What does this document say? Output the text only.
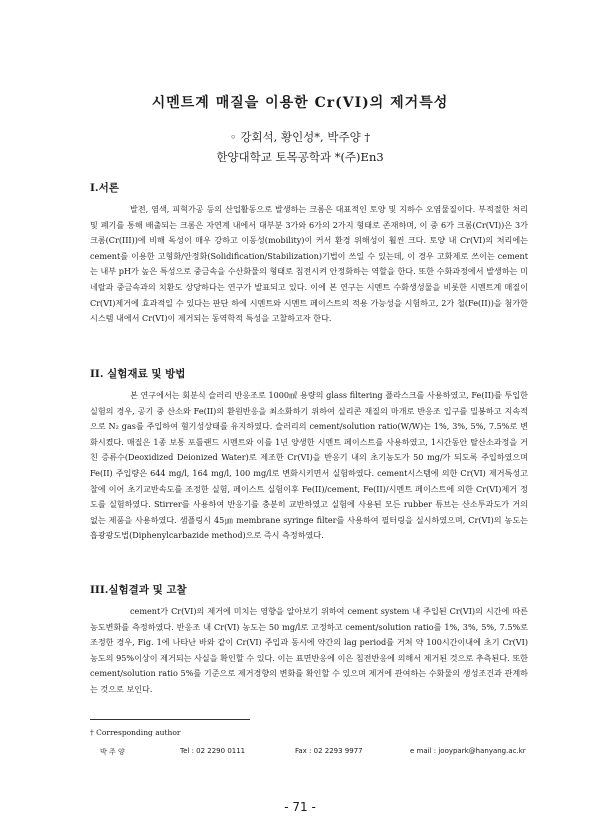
시멘트계 매질을 이용한 Cr(VI)의 제거특성
◦ 강회석, 황인성*, 박주양 †
한양대학교 토목공학과 *(주)En3
I.서론

발전, 염색, 피혁가공 등의 산업활동으로 발생하는 크롬은 대표적인 토양 및 지하수 오염물질이다. 부적절한 처리 및 폐기를 통해 배출되는 크롬은 자연계 내에서 대부분 3가와 6가의 2가지 형태로 존재하며, 이 중 6가 크롬(Cr(VI))은 3가 크롬(Cr(III))에 비해 독성이 매우 강하고 이동성(mobility)이 커서 환경 위해성이 훨씬 크다. 토양 내 Cr(VI)의 처리에는 cement를 이용한 고형화/안정화(Solidification/Stabilization)기법이 쓰일 수 있는데, 이 경우 고화제로 쓰이는 cement는 내부 pH가 높은 특성으로 중금속을 수산화물의 형태로 침전시켜 안정화하는 역할을 한다. 또한 수화과정에서 발생하는 미네랄과 중금속과의 치환도 상당하다는 연구가 발표되고 있다. 이에 본 연구는 시멘트 수화생성물을 비롯한 시멘트계 매질이 Cr(VI)제거에 효과적일 수 있다는 판단 하에 시멘트와 시멘트 페이스트의 적용 가능성을 시험하고, 2가 철(Fe(II))을 첨가한 시스템 내에서 Cr(VI)이 제거되는 동역학적 특성을 고찰하고자 한다.

II. 실험재료 및 방법

본 연구에서는 회분식 슬러리 반응조로 1000㎖ 용량의 glass filtering 플라스크를 사용하였고, Fe(II)를 투입한 실험의 경우, 공기 중 산소와 Fe(II)의 환원반응을 최소화하기 위하여 실리콘 재질의 마개로 반응조 입구를 밀봉하고 지속적으로 N₂ gas를 주입하여 혐기성상태를 유지하였다. 슬러리의 cement/solution ratio(W/W)는 1%, 3%, 5%, 7.5%로 변화시켰다. 매질은 1종 보통 포틀랜드 시멘트와 이를 1년 양생한 시멘트 페이스트를 사용하였고, 1시간동안 탈산소과정을 거친 증류수(Deoxidized Deionized Water)로 제조한 Cr(VI)을 반응기 내의 초기농도가 50 mg/가 되도록 주입하였으며 Fe(II) 주입량은 644 mg/l, 164 mg/l, 100 mg/l로 변화시키면서 실험하였다. cement시스템에 의한 Cr(VI) 제거특성고찰에 이어 초기교반속도를 조정한 실험, 페이스트 실험이후 Fe(II)/cement, Fe(II)/시멘트 페이스트에 의한 Cr(VI)제거 정도를 실험하였다. Stirrer를 사용하여 반응기를 충분히 교반하였고 실험에 사용된 모든 rubber 튜브는 산소투과도가 거의 없는 제품을 사용하였다. 샘플링시 45㎛ membrane syringe filter를 사용하여 필터링을 실시하였으며, Cr(VI)의 농도는 흡광광도법(Diphenylcarbazide method)으로 즉시 측정하였다.

III.실험결과 및 고찰

cement가 Cr(VI)의 제거에 미치는 영향을 알아보기 위하여 cement system 내 주입된 Cr(VI)의 시간에 따른 농도변화를 측정하였다. 반응조 내 Cr(VI) 농도는 50 mg/l로 고정하고 cement/solution ratio를 1%, 3%, 5%, 7.5%로 조정한 경우, Fig. 1에 나타난 바와 같이 Cr(VI) 주입과 동시에 약간의 lag period를 거쳐 약 100시간이내에 초기 Cr(VI)농도의 95%이상이 제거되는 사실을 확인할 수 있다. 이는 표면반응에 이은 침전반응에 의해서 제거된 것으로 추측된다. 또한 cement/solution ratio 5%를 기준으로 제거경향의 변화를 확인할 수 있으며 제거에 관여하는 수화물의 생성조건과 관계하는 것으로 보인다.

† Corresponding author
박 주 양	Tel : 02 2290 0111	Fax : 02 2293 9977	e mail : jooypark@hanyang.ac.kr
- 71 -
